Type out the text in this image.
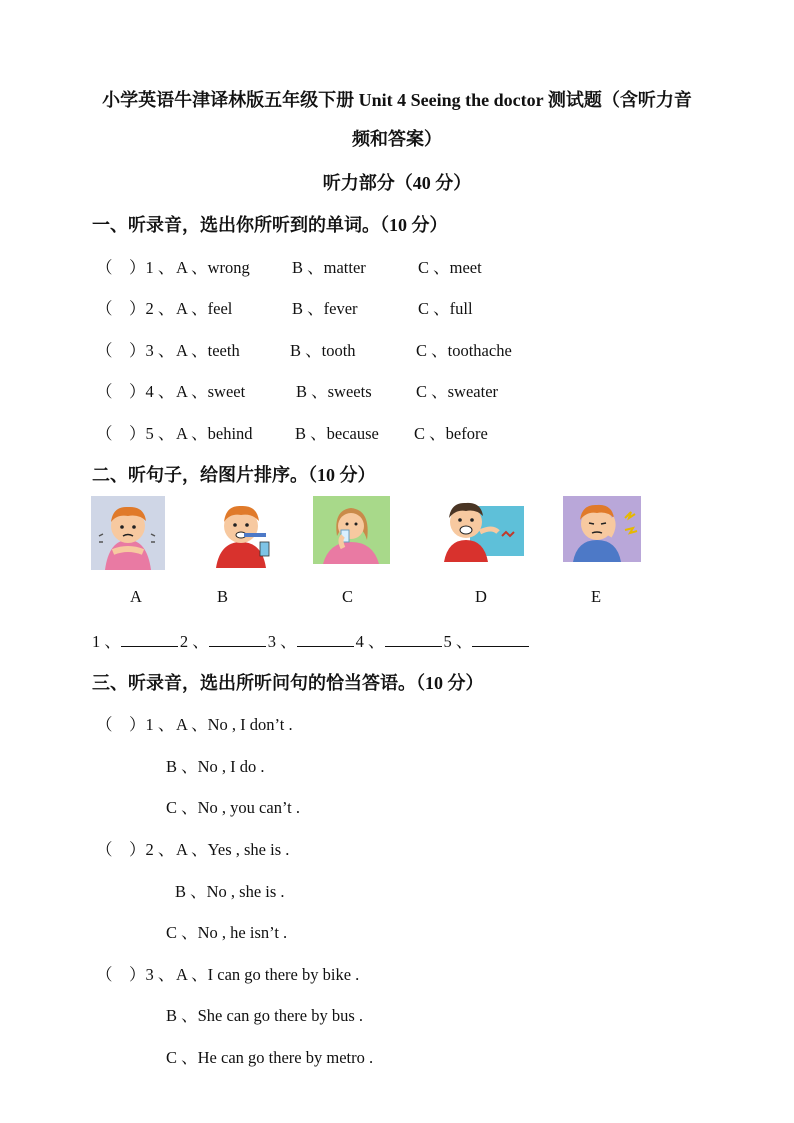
小学英语牛津译林版五年级下册 Unit 4 Seeing the doctor 测试题（含听力音
频和答案）
听力部分（40 分）
一、听录音，选出你所听到的单词。（10 分）
（　）1 、 A 、wrong	B 、matter	C 、meet
（　）2 、 A 、feel	B 、fever	C 、full
（　）3 、 A 、teeth	B 、tooth	C 、toothache
（　）4 、 A 、sweet	B 、sweets	C 、sweater
（　）5 、 A 、behind	B 、because C 、before
二、听句子，给图片排序。（10 分）
A	B	C	D	E
1 、	2 、	3 、	4 、	5 、
三、听录音，选出所听问句的恰当答语。（10 分）
（　）1 、 A 、No , I don’t .
B 、No , I do .
C 、No , you can’t .
（　）2 、 A 、Yes , she is .
B 、No , she is .
C 、No , he isn’t .
（　）3 、 A 、I can go there by bike .
B 、She can go there by bus .
C 、He can go there by metro .
